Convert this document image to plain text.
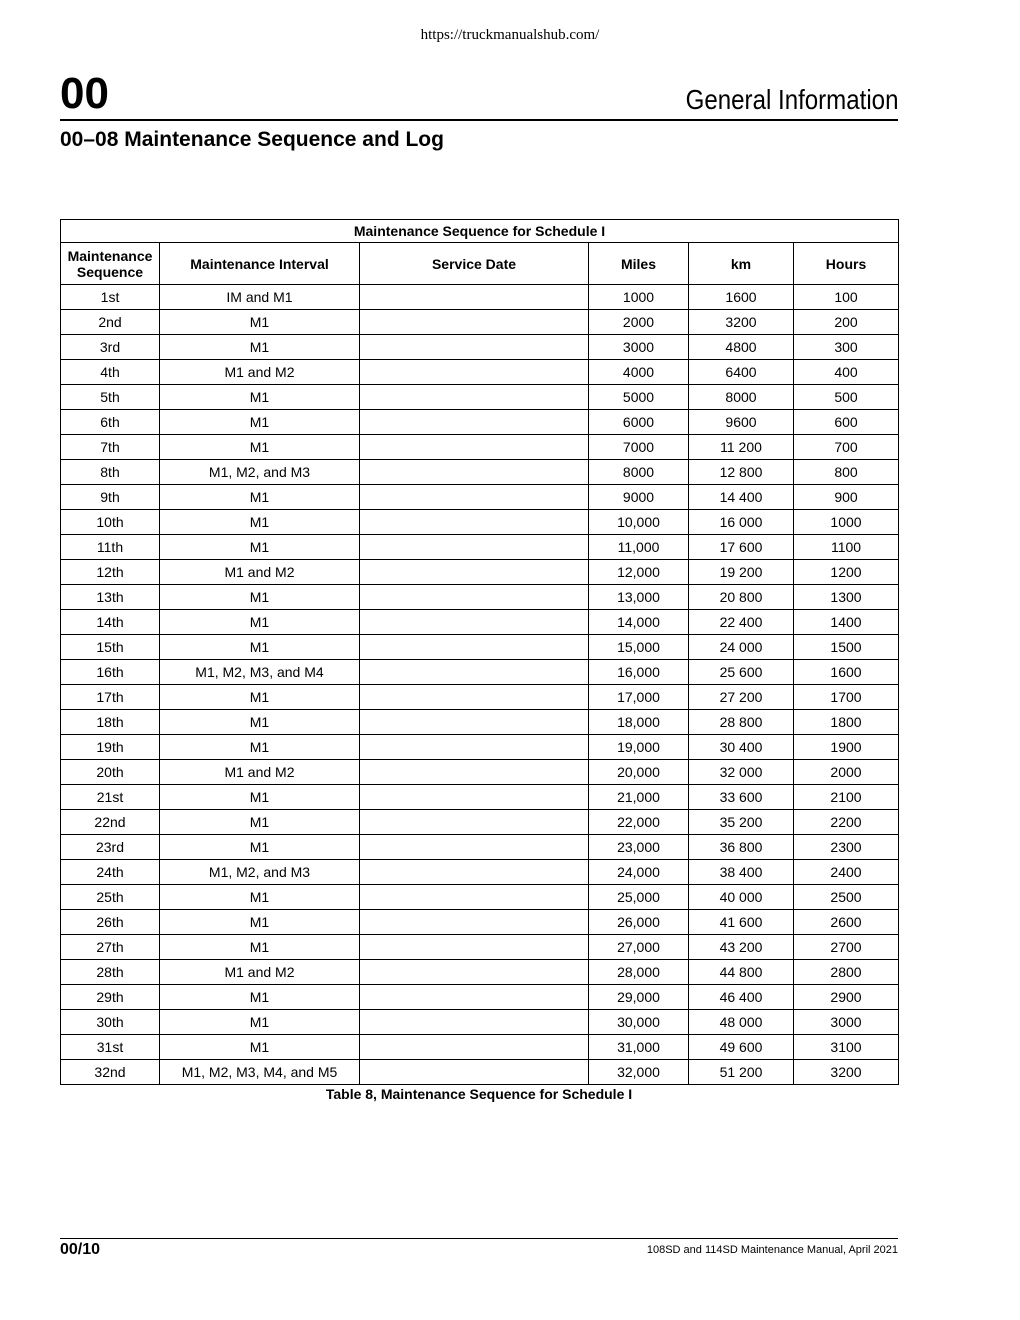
https://truckmanualshub.com/
00	General Information
00–08 Maintenance Sequence and Log
Maintenance Sequence for Schedule I					
Maintenance Sequence	Maintenance Interval	Service Date	Miles	km	Hours
1st	IM and M1		1000	1600	100
2nd	M1		2000	3200	200
3rd	M1		3000	4800	300
4th	M1 and M2		4000	6400	400
5th	M1		5000	8000	500
6th	M1		6000	9600	600
7th	M1		7000	11 200	700
8th	M1, M2, and M3		8000	12 800	800
9th	M1		9000	14 400	900
10th	M1		10,000	16 000	1000
11th	M1		11,000	17 600	1100
12th	M1 and M2		12,000	19 200	1200
13th	M1		13,000	20 800	1300
14th	M1		14,000	22 400	1400
15th	M1		15,000	24 000	1500
16th	M1, M2, M3, and M4		16,000	25 600	1600
17th	M1		17,000	27 200	1700
18th	M1		18,000	28 800	1800
19th	M1		19,000	30 400	1900
20th	M1 and M2		20,000	32 000	2000
21st	M1		21,000	33 600	2100
22nd	M1		22,000	35 200	2200
23rd	M1		23,000	36 800	2300
24th	M1, M2, and M3		24,000	38 400	2400
25th	M1		25,000	40 000	2500
26th	M1		26,000	41 600	2600
27th	M1		27,000	43 200	2700
28th	M1 and M2		28,000	44 800	2800
29th	M1		29,000	46 400	2900
30th	M1		30,000	48 000	3000
31st	M1		31,000	49 600	3100
32nd	M1, M2, M3, M4, and M5		32,000	51 200	3200
Table 8, Maintenance Sequence for Schedule I
00/10	108SD and 114SD Maintenance Manual, April 2021
